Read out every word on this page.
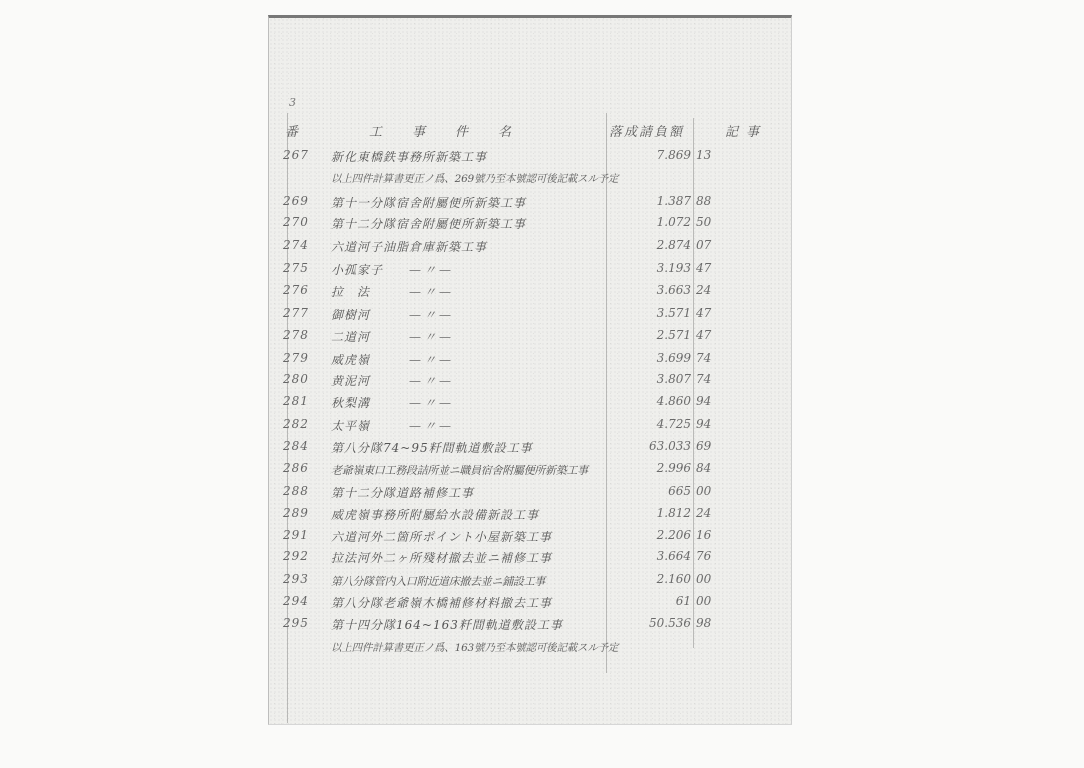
3
番	工事件名	落成請負額	記事
267	新化東橋鉄事務所新築工事	7.869 13
以上四件計算書更正ノ爲、269號乃至本號認可後記載スル予定
269	第十一分隊宿舍附屬便所新築工事	1.387 88
270	第十二分隊宿舍附屬便所新築工事	1.072 50
274	六道河子油脂倉庫新築工事	2.874 07
275	小孤家子 —〃—	3.193 47
276	拉　法	—〃—	3.663 24
277	御樹河	—〃—	3.571 47
278	二道河	—〃—	2.571 47
279	威虎嶺	—〃—	3.699 74
280	黄泥河	—〃—	3.807 74
281	秋梨溝	—〃—	4.860 94
282	太平嶺	—〃—	4.725 94
284	第八分隊74~95粁間軌道敷設工事	63.033 69
286	老爺嶺東口工務段詰所並ニ職員宿舍附屬便所新築工事	2.996 84
288	第十二分隊道路補修工事	665 00
289	威虎嶺事務所附屬給水設備新設工事	1.812 24
291	六道河外二箇所ポイント小屋新築工事	2.206 16
292	拉法河外二ヶ所殘材撤去並ニ補修工事	3.664 76
293	第八分隊管内入口附近道床撤去並ニ鋪設工事	2.160 00
294	第八分隊老爺嶺木橋補修材料撤去工事	61 00
295	第十四分隊164~163粁間軌道敷設工事	50.536 98
以上四件計算書更正ノ爲、163號乃至本號認可後記載スル予定
